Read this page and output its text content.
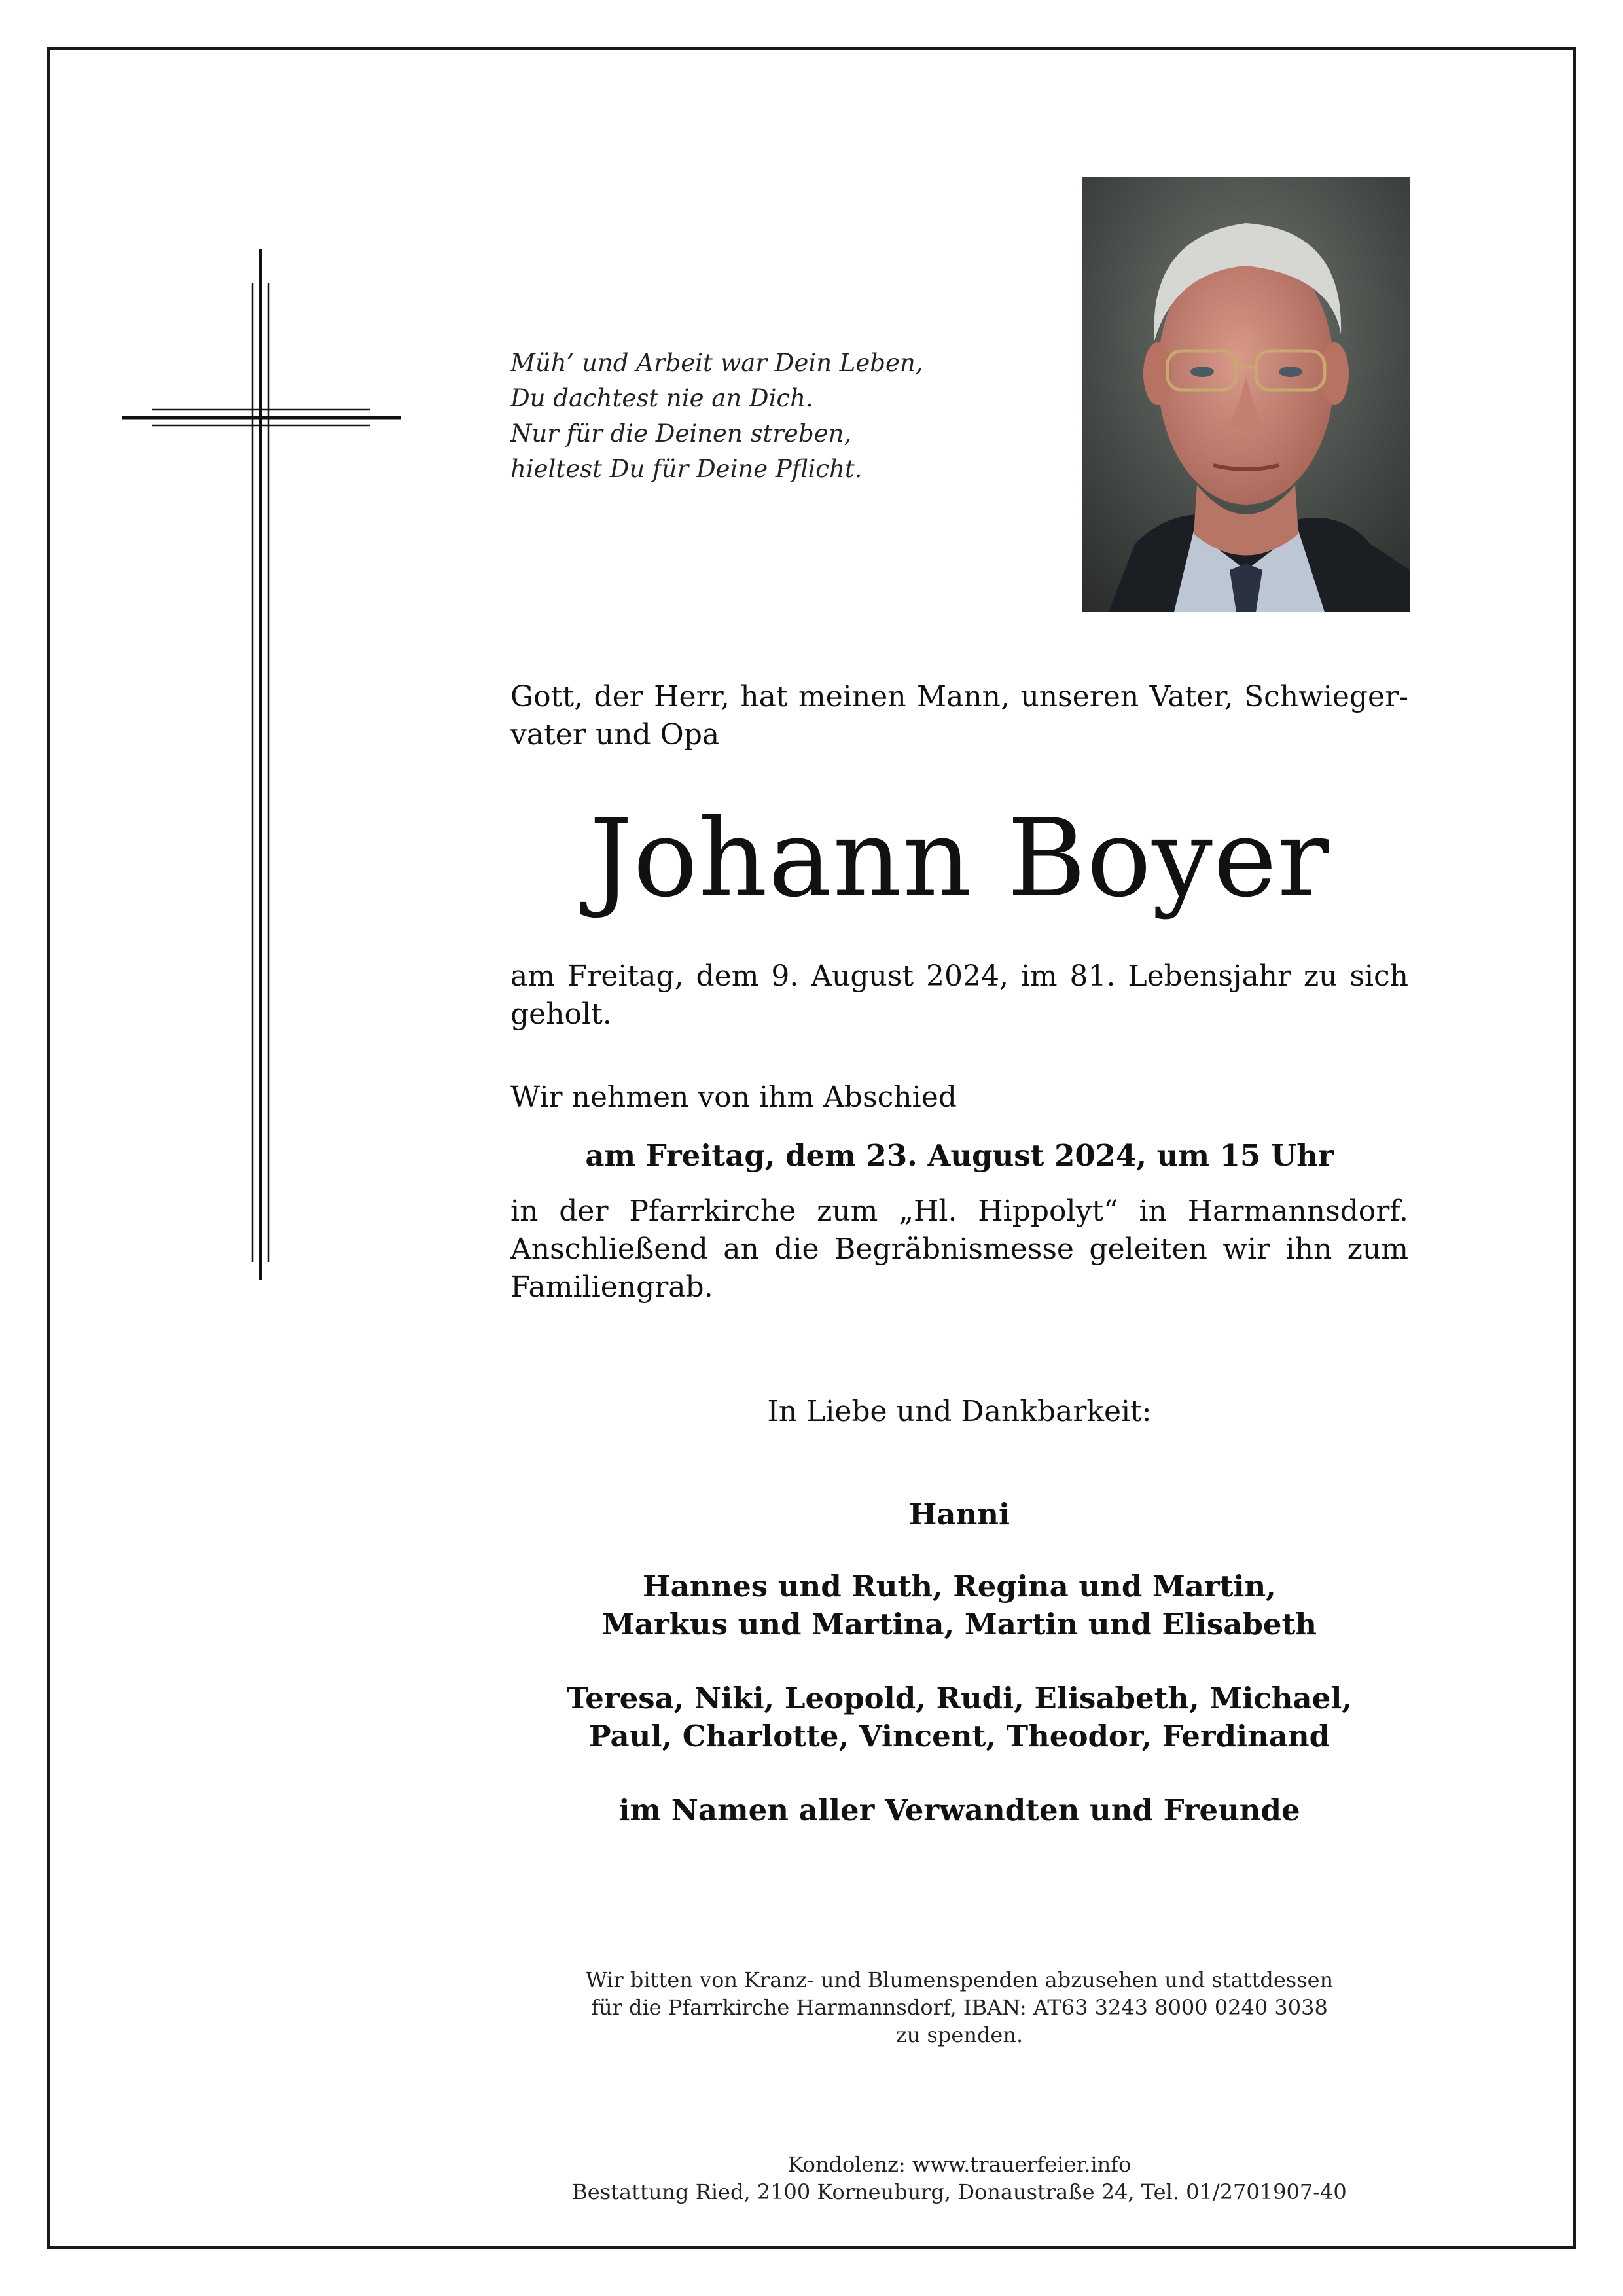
Müh’ und Arbeit war Dein Leben,
Du dachtest nie an Dich.
Nur für die Deinen streben,
hieltest Du für Deine Pflicht.
Gott, der Herr, hat meinen Mann, unseren Vater, Schwieger-vater und Opa
Johann Boyer
am Freitag, dem 9. August 2024, im 81. Lebensjahr zu sich geholt.
Wir nehmen von ihm Abschied
am Freitag, dem 23. August 2024, um 15 Uhr
in der Pfarrkirche zum „Hl. Hippolyt“ in Harmannsdorf. Anschließend an die Begräbnismesse geleiten wir ihn zum Familiengrab.
In Liebe und Dankbarkeit:
Hanni
Hannes und Ruth, Regina und Martin,
Markus und Martina, Martin und Elisabeth
Teresa, Niki, Leopold, Rudi, Elisabeth, Michael,
Paul, Charlotte, Vincent, Theodor, Ferdinand
im Namen aller Verwandten und Freunde
Wir bitten von Kranz- und Blumenspenden abzusehen und stattdessen
für die Pfarrkirche Harmannsdorf, IBAN: AT63 3243 8000 0240 3038
zu spenden.
Kondolenz: www.trauerfeier.info
Bestattung Ried, 2100 Korneuburg, Donaustraße 24, Tel. 01/2701907-40
